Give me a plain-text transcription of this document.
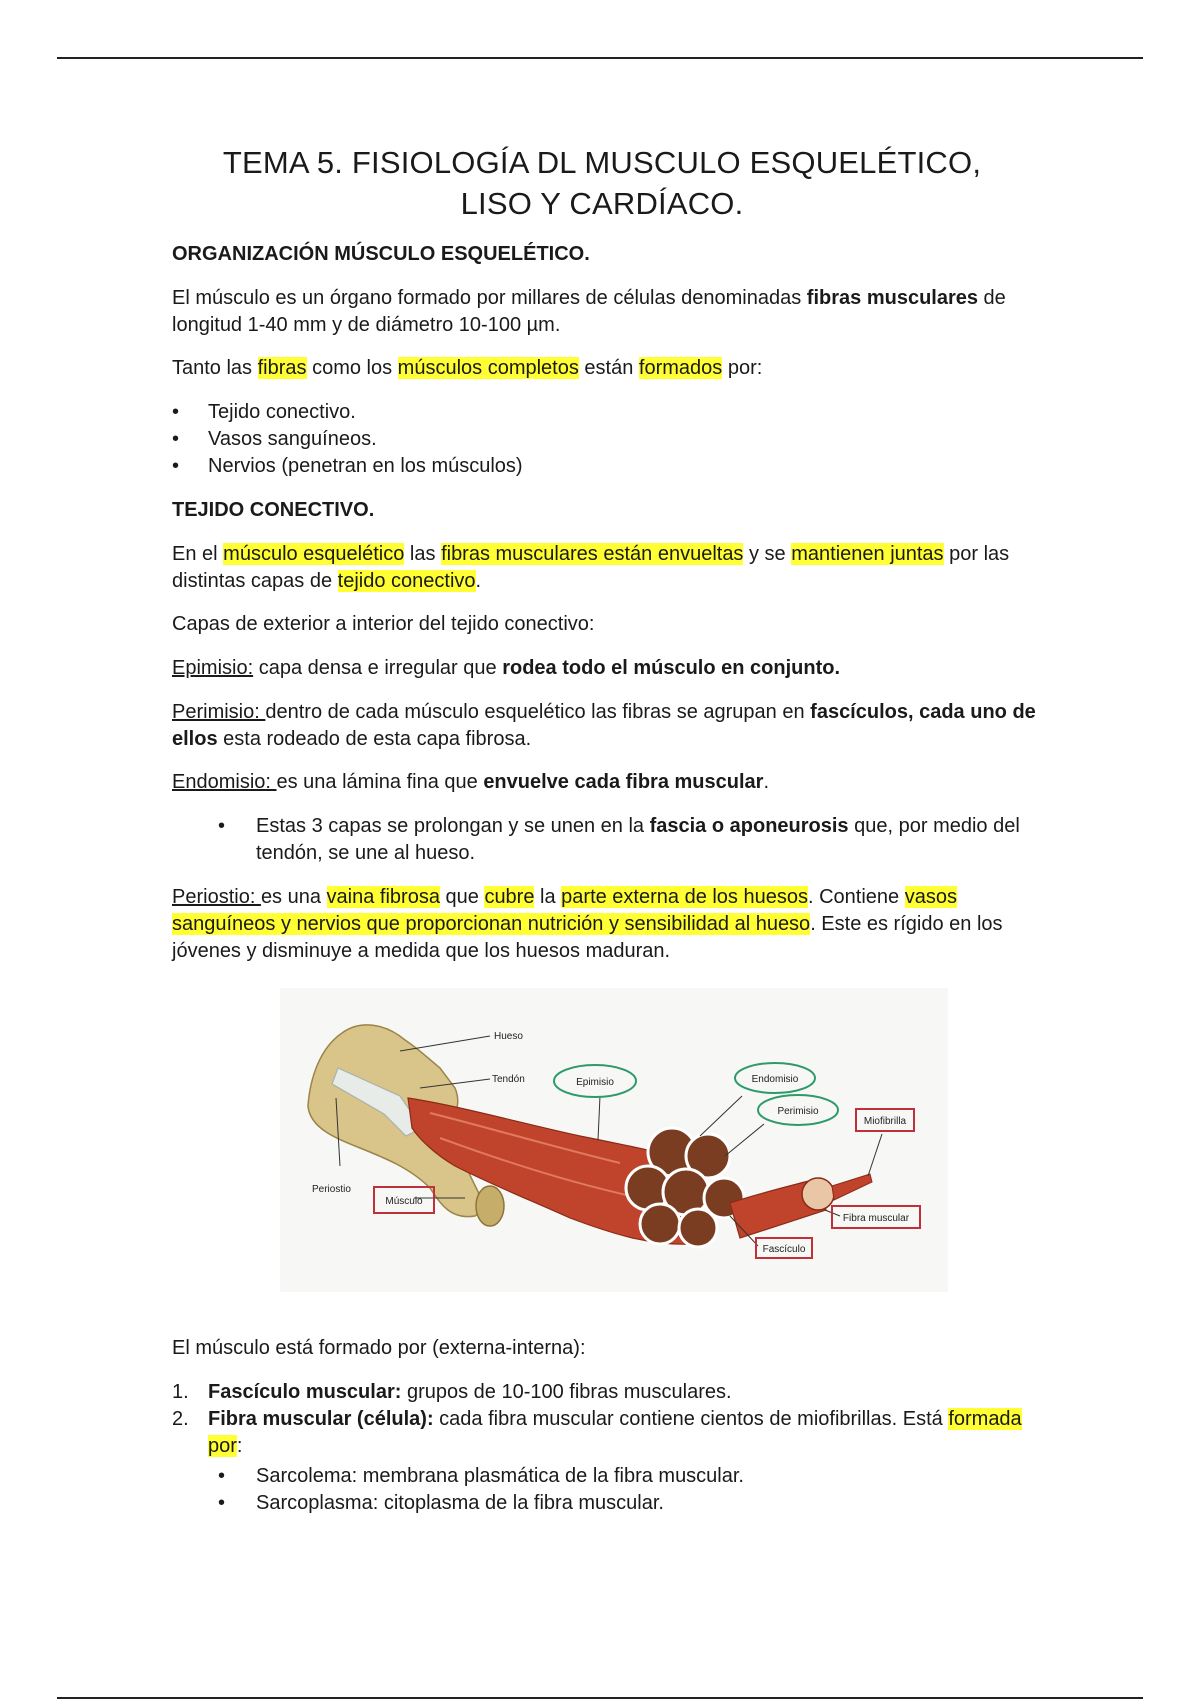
TEMA 5. FISIOLOGÍA DL MUSCULO ESQUELÉTICO,
LISO Y CARDÍACO.

ORGANIZACIÓN MÚSCULO ESQUELÉTICO.

El músculo es un órgano formado por millares de células denominadas fibras musculares de longitud 1-40 mm y de diámetro 10-100 µm.

Tanto las fibras como los músculos completos están formados por:

• Tejido conectivo.
• Vasos sanguíneos.
• Nervios (penetran en los músculos)

TEJIDO CONECTIVO.

En el músculo esquelético las fibras musculares están envueltas y se mantienen juntas por las distintas capas de tejido conectivo.

Capas de exterior a interior del tejido conectivo:

Epimisio: capa densa e irregular que rodea todo el músculo en conjunto.

Perimisio: dentro de cada músculo esquelético las fibras se agrupan en fascículos, cada uno de ellos esta rodeado de esta capa fibrosa.

Endomisio: es una lámina fina que envuelve cada fibra muscular.

• Estas 3 capas se prolongan y se unen en la fascia o aponeurosis que, por medio del tendón, se une al hueso.

Periostio: es una vaina fibrosa que cubre la parte externa de los huesos. Contiene vasos sanguíneos y nervios que proporcionan nutrición y sensibilidad al hueso. Este es rígido en los jóvenes y disminuye a medida que los huesos maduran.

Hueso
Tendón	Epimisio	Endomisio
Perimisio
Miofibrilla
Periostio
Músculo
Fibra muscular
Fascículo

El músculo está formado por (externa-interna):

1. Fascículo muscular: grupos de 10-100 fibras musculares.
2. Fibra muscular (célula): cada fibra muscular contiene cientos de miofibrillas. Está formada por:
• Sarcolema: membrana plasmática de la fibra muscular.
• Sarcoplasma: citoplasma de la fibra muscular.
